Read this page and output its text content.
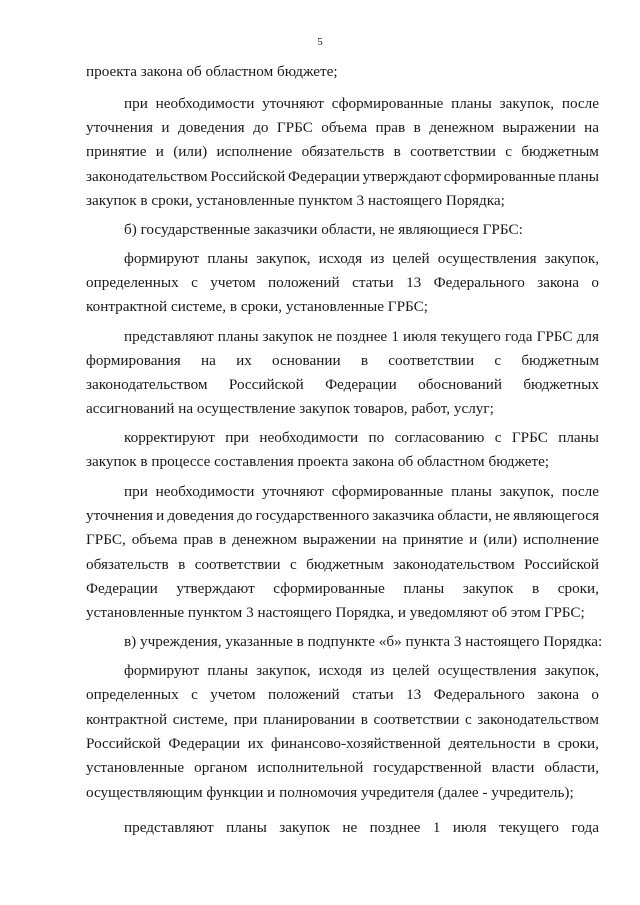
5
проекта закона об областном бюджете;
при необходимости уточняют сформированные планы закупок, после
уточнения и доведения до ГРБС объема прав в денежном выражении на
принятие и (или) исполнение обязательств в соответствии с бюджетным
законодательством Российской Федерации утверждают сформированные планы
закупок в сроки, установленные пунктом 3 настоящего Порядка;
б) государственные заказчики области, не являющиеся ГРБС:
формируют планы закупок, исходя из целей осуществления закупок,
определенных с учетом положений статьи 13 Федерального закона о
контрактной системе, в сроки, установленные ГРБС;
представляют планы закупок не позднее 1 июля текущего года ГРБС для
формирования на их основании в соответствии с бюджетным
законодательством Российской Федерации обоснований бюджетных
ассигнований на осуществление закупок товаров, работ, услуг;
корректируют при необходимости по согласованию с ГРБС планы
закупок в процессе составления проекта закона об областном бюджете;
при необходимости уточняют сформированные планы закупок, после
уточнения и доведения до государственного заказчика области, не являющегося
ГРБС, объема прав в денежном выражении на принятие и (или) исполнение
обязательств в соответствии с бюджетным законодательством Российской
Федерации утверждают сформированные планы закупок в сроки,
установленные пунктом 3 настоящего Порядка, и уведомляют об этом ГРБС;
в) учреждения, указанные в подпункте «б» пункта 3 настоящего Порядка:
формируют планы закупок, исходя из целей осуществления закупок,
определенных с учетом положений статьи 13 Федерального закона о
контрактной системе, при планировании в соответствии с законодательством
Российской Федерации их финансово-хозяйственной деятельности в сроки,
установленные органом исполнительной государственной власти области,
осуществляющим функции и полномочия учредителя (далее - учредитель);
представляют планы закупок не позднее 1 июля текущего года
